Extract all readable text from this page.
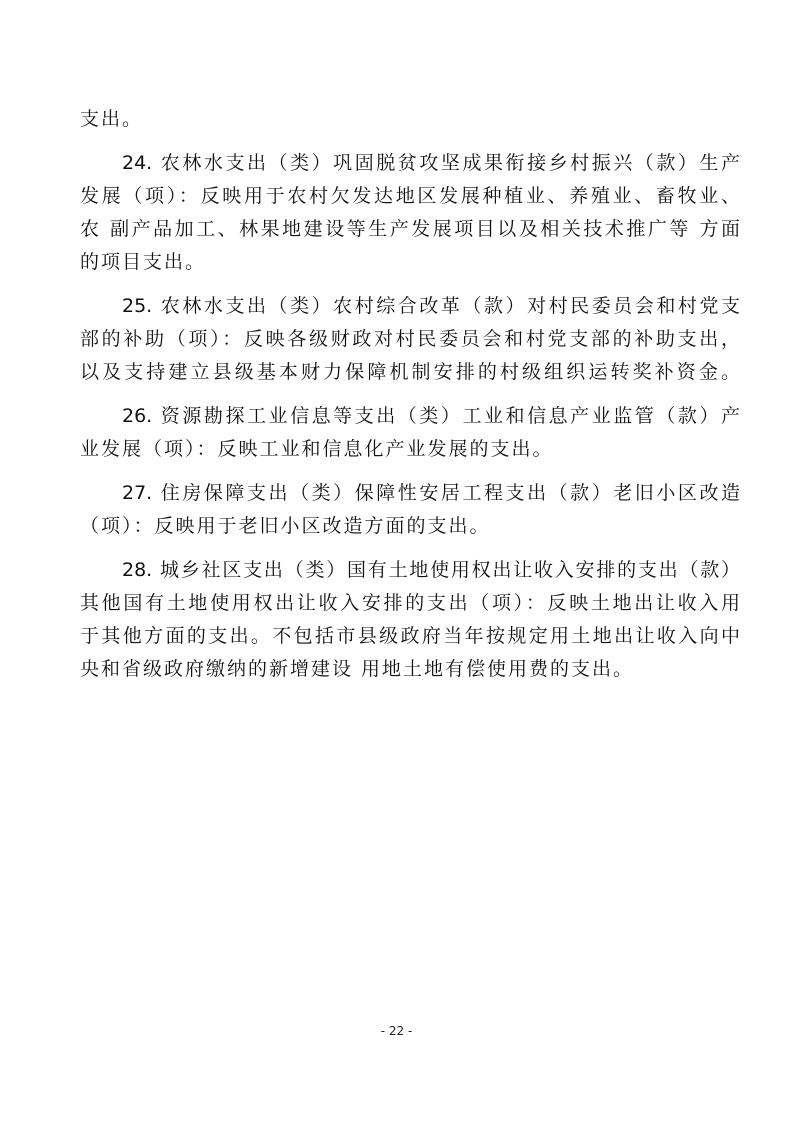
支出。
24. 农林水支出（类）巩固脱贫攻坚成果衔接乡村振兴（款）生产
发展（项）：反映用于农村欠发达地区发展种植业、养殖业、畜牧业、
农 副产品加工、林果地建设等生产发展项目以及相关技术推广等 方面
的项目支出。
25. 农林水支出（类）农村综合改革（款）对村民委员会和村党支
部的补助（项）：反映各级财政对村民委员会和村党支部的补助支出，
以及支持建立县级基本财力保障机制安排的村级组织运转奖补资金。
26. 资源勘探工业信息等支出（类）工业和信息产业监管（款）产
业发展（项）：反映工业和信息化产业发展的支出。
27. 住房保障支出（类）保障性安居工程支出（款）老旧小区改造
（项）：反映用于老旧小区改造方面的支出。
28. 城乡社区支出（类）国有土地使用权出让收入安排的支出（款）
其他国有土地使用权出让收入安排的支出（项）：反映土地出让收入用
于其他方面的支出。不包括市县级政府当年按规定用土地出让收入向中
央和省级政府缴纳的新增建设 用地土地有偿使用费的支出。
- 22 -
